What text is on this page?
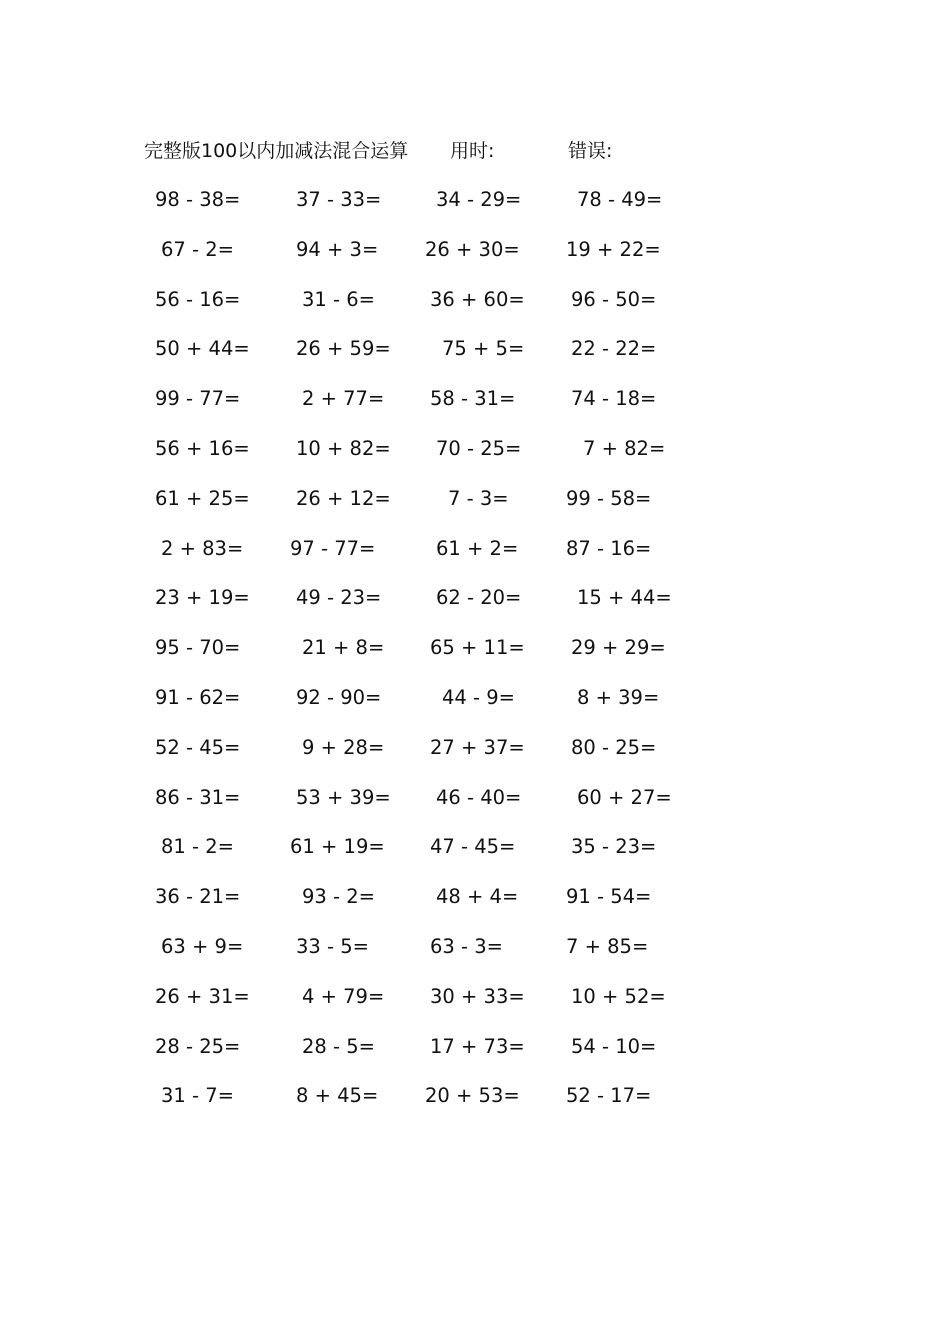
完整版100以内加减法混合运算 用时:	错误:
98 - 38=	37 - 33=	34 - 29=	78 - 49=
67 - 2=	94 + 3= 26 + 30= 19 + 22=
56 - 16=	31 - 6=	36 + 60= 96 - 50=
50 + 44= 26 + 59=	75 + 5= 22 - 22=
99 - 77=	2 + 77= 58 - 31=	74 - 18=
56 + 16= 10 + 82= 70 - 25=	7 + 82=
61 + 25= 26 + 12=	7 - 3=	99 - 58=
2 + 83= 97 - 77=	61 + 2= 87 - 16=
23 + 19= 49 - 23=	62 - 20=	15 + 44=
95 - 70=	21 + 8= 65 + 11= 29 + 29=
91 - 62=	92 - 90=	44 - 9=	8 + 39=
52 - 45=	9 + 28= 27 + 37= 80 - 25=
86 - 31=	53 + 39= 46 - 40=	60 + 27=
81 - 2=	61 + 19= 47 - 45=	35 - 23=
36 - 21=	93 - 2=	48 + 4= 91 - 54=
63 + 9=	33 - 5=	63 - 3=	7 + 85=
26 + 31=	4 + 79= 30 + 33= 10 + 52=
28 - 25=	28 - 5=	17 + 73= 54 - 10=
31 - 7=	8 + 45= 20 + 53= 52 - 17=
